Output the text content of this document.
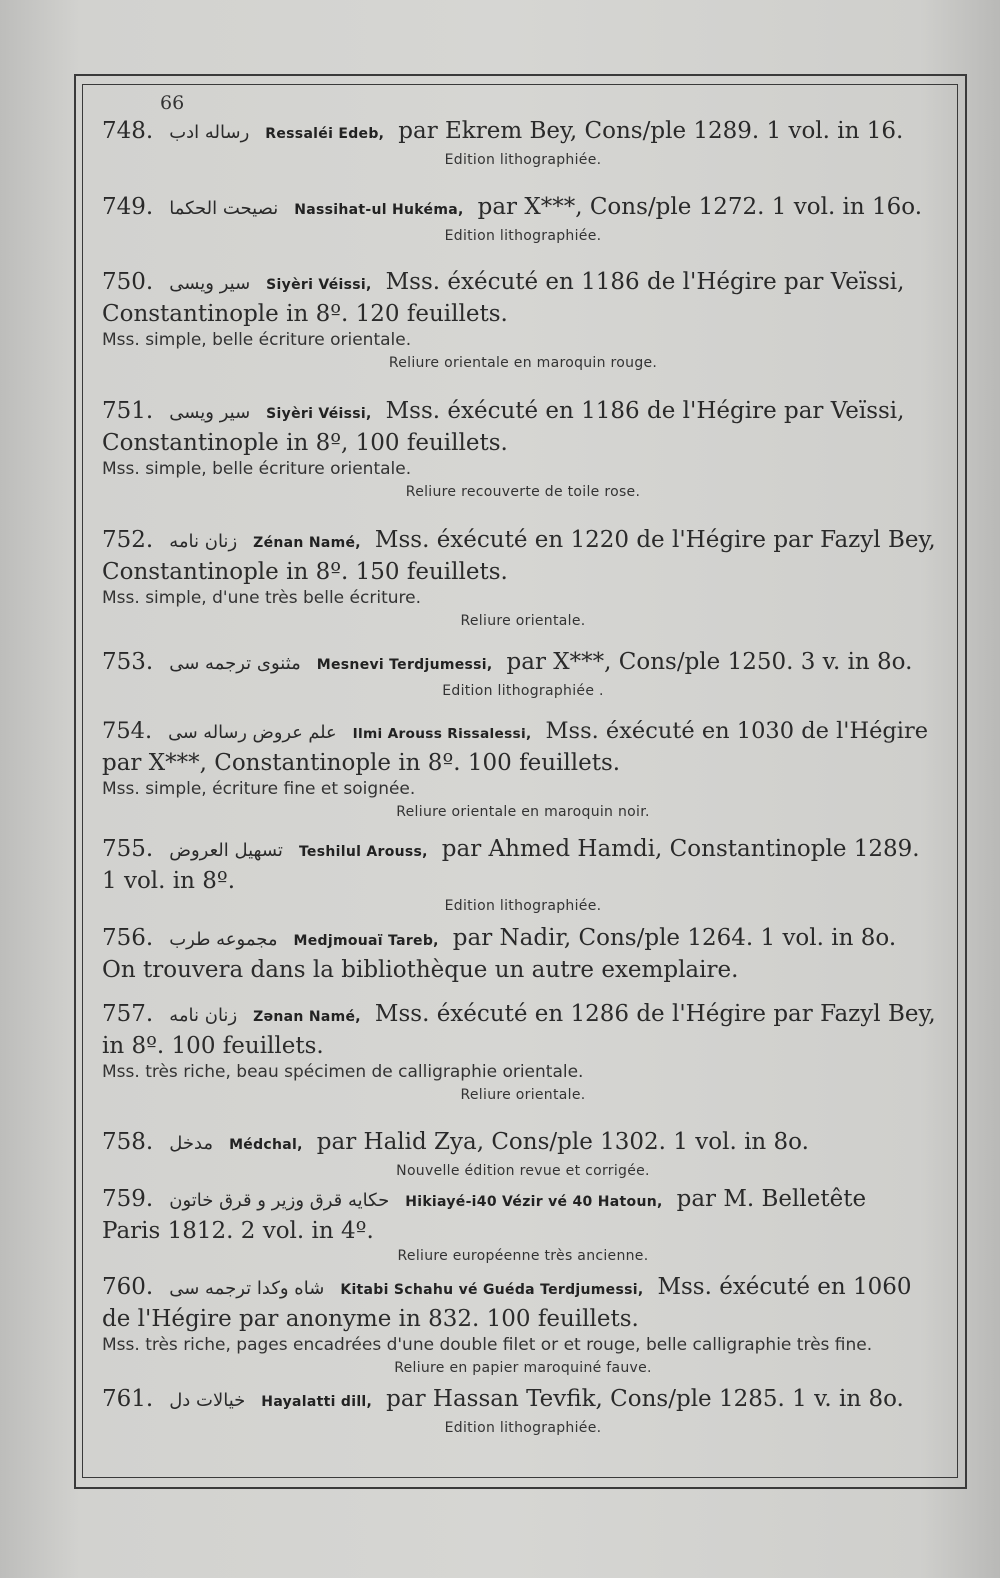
66
748. رساله ادب Ressaléi Edeb, par Ekrem Bey, Cons/ple 1289. 1 vol. in 16.
Edition lithographiée.
749. نصيحت الحكما Nassihat-ul Hukéma, par X***, Cons/ple 1272. 1 vol. in 16o.
Edition lithographiée.
750. سير ويسى Siyèri Véissi, Mss. éxécuté en 1186 de l'Hégire par Veïssi,
Constantinople in 8º. 120 feuillets.
Mss. simple, belle écriture orientale.
Reliure orientale en maroquin rouge.
751. سير ويسى Siyèri Véissi, Mss. éxécuté en 1186 de l'Hégire par Veïssi,
Constantinople in 8º, 100 feuillets.
Mss. simple, belle écriture orientale.
Reliure recouverte de toile rose.
752. زنان نامه Zénan Namé, Mss. éxécuté en 1220 de l'Hégire par Fazyl Bey,
Constantinople in 8º. 150 feuillets.
Mss. simple, d'une très belle écriture.
Reliure orientale.
753. مثنوى ترجمه سى Mesnevi Terdjumessi, par X***, Cons/ple 1250. 3 v. in 8o.
Edition lithographiée .
754. علم عروض رساله سى Ilmi Arouss Rissalessi, Mss. éxécuté en 1030 de l'Hégire
par X***, Constantinople in 8º. 100 feuillets.
Mss. simple, écriture fine et soignée.
Reliure orientale en maroquin noir.
755. تسهيل العروض Teshilul Arouss, par Ahmed Hamdi, Constantinople 1289.
1 vol. in 8º.
Edition lithographiée.
756. مجموعه طرب Medjmouaï Tareb, par Nadir, Cons/ple 1264. 1 vol. in 8o.
On trouvera dans la bibliothèque un autre exemplaire.
757. زنان نامه Zənan Namé, Mss. éxécuté en 1286 de l'Hégire par Fazyl Bey,
in 8º. 100 feuillets.
Mss. très riche, beau spécimen de calligraphie orientale.
Reliure orientale.
758. مدخل Médchal, par Halid Zya, Cons/ple 1302. 1 vol. in 8o.
Nouvelle édition revue et corrigée.
759. حكايه قرق وزير و قرق خاتون Hikiayé-i40 Vézir vé 40 Hatoun, par M. Belletête
Paris 1812. 2 vol. in 4º.
Reliure européenne très ancienne.
760. شاه وكدا ترجمه سى Kitabi Schahu vé Guéda Terdjumessi, Mss. éxécuté en 1060
de l'Hégire par anonyme in 832. 100 feuillets.
Mss. très riche, pages encadrées d'une double filet or et rouge, belle calligraphie très fine.
Reliure en papier maroquiné fauve.
761. خيالات دل Hayalatti dill, par Hassan Tevfik, Cons/ple 1285. 1 v. in 8o.
Edition lithographiée.
